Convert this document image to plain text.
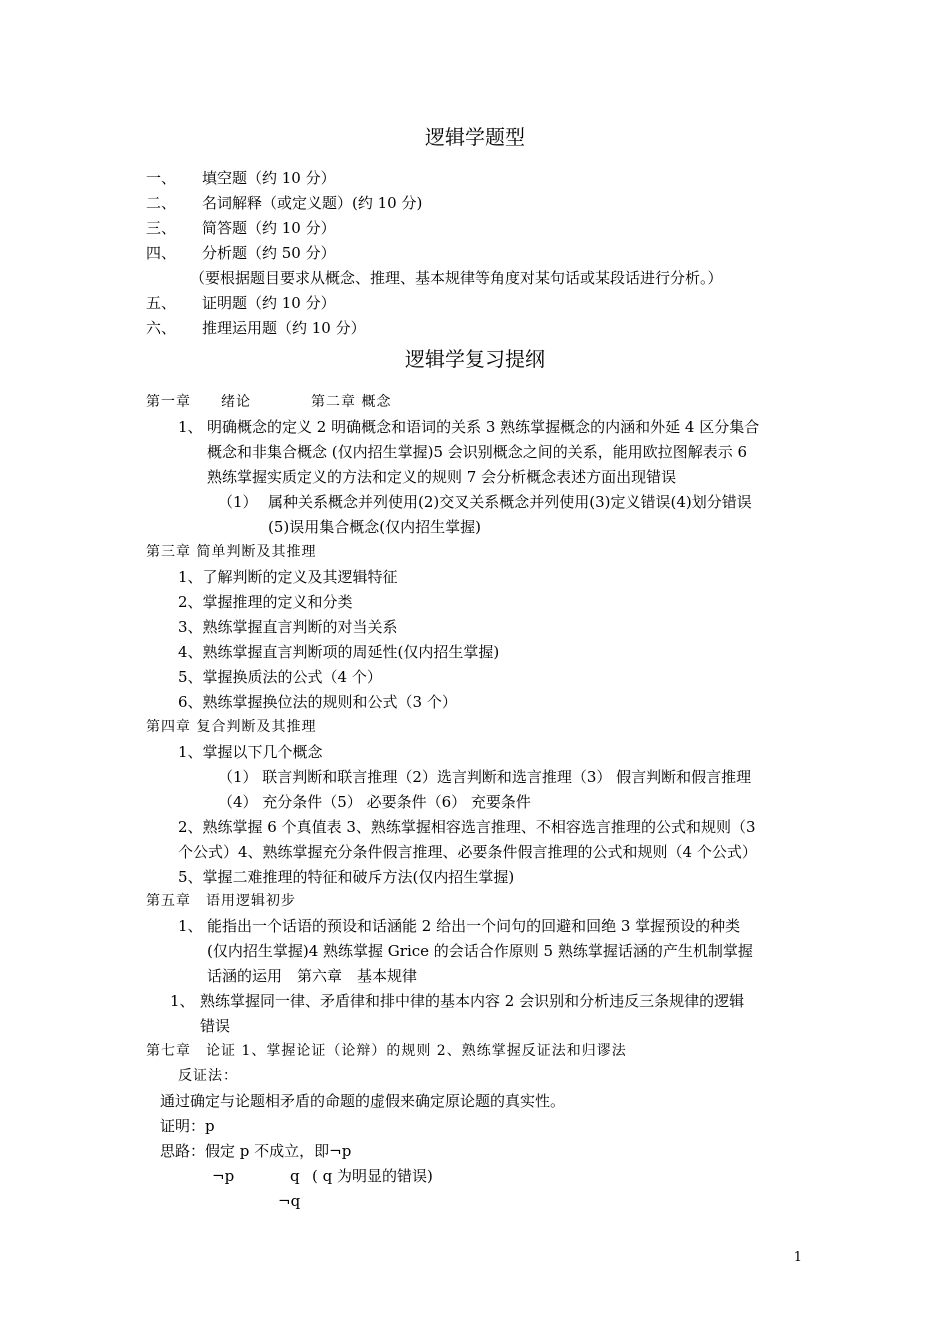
逻辑学题型
一、 填空题（约 10 分）
二、 名词解释（或定义题）(约 10 分)
三、 简答题（约 10 分）
四、 分析题（约 50 分）
（要根据题目要求从概念、推理、基本规律等角度对某句话或某段话进行分析。）
五、 证明题（约 10 分）
六、 推理运用题（约 10 分）
逻辑学复习提纲
第一章　　绪论　　　　第二章 概念
1、 明确概念的定义 2 明确概念和语词的关系 3 熟练掌握概念的内涵和外延 4 区分集合
概念和非集合概念 (仅内招生掌握)5 会识别概念之间的关系，能用欧拉图解表示 6
熟练掌握实质定义的方法和定义的规则 7 会分析概念表述方面出现错误
（1） 属种关系概念并列使用(2)交叉关系概念并列使用(3)定义错误(4)划分错误
(5)误用集合概念(仅内招生掌握)
第三章 简单判断及其推理
1、了解判断的定义及其逻辑特征
2、掌握推理的定义和分类
3、熟练掌握直言判断的对当关系
4、熟练掌握直言判断项的周延性(仅内招生掌握)
5、掌握换质法的公式（4 个）
6、熟练掌握换位法的规则和公式（3 个）
第四章 复合判断及其推理
1、掌握以下几个概念
（1） 联言判断和联言推理（2）选言判断和选言推理（3） 假言判断和假言推理
（4） 充分条件（5） 必要条件（6） 充要条件
2、熟练掌握 6 个真值表 3、熟练掌握相容选言推理、不相容选言推理的公式和规则（3
个公式）4、熟练掌握充分条件假言推理、必要条件假言推理的公式和规则（4 个公式）
5、掌握二难推理的特征和破斥方法(仅内招生掌握)
第五章　语用逻辑初步
1、 能指出一个话语的预设和话涵能 2 给出一个问句的回避和回绝 3 掌握预设的种类
(仅内招生掌握)4 熟练掌握 Grice 的会话合作原则 5 熟练掌握话涵的产生机制掌握
话涵的运用　第六章　基本规律
1、 熟练掌握同一律、矛盾律和排中律的基本内容 2 会识别和分析违反三条规律的逻辑
错误
第七章　论证 1、掌握论证（论辩）的规则 2、熟练掌握反证法和归谬法
反证法：
通过确定与论题相矛盾的命题的虚假来确定原论题的真实性。
证明：p
思路：假定 p 不成立，即¬p
¬p	q ( q 为明显的错误)
¬q
1
